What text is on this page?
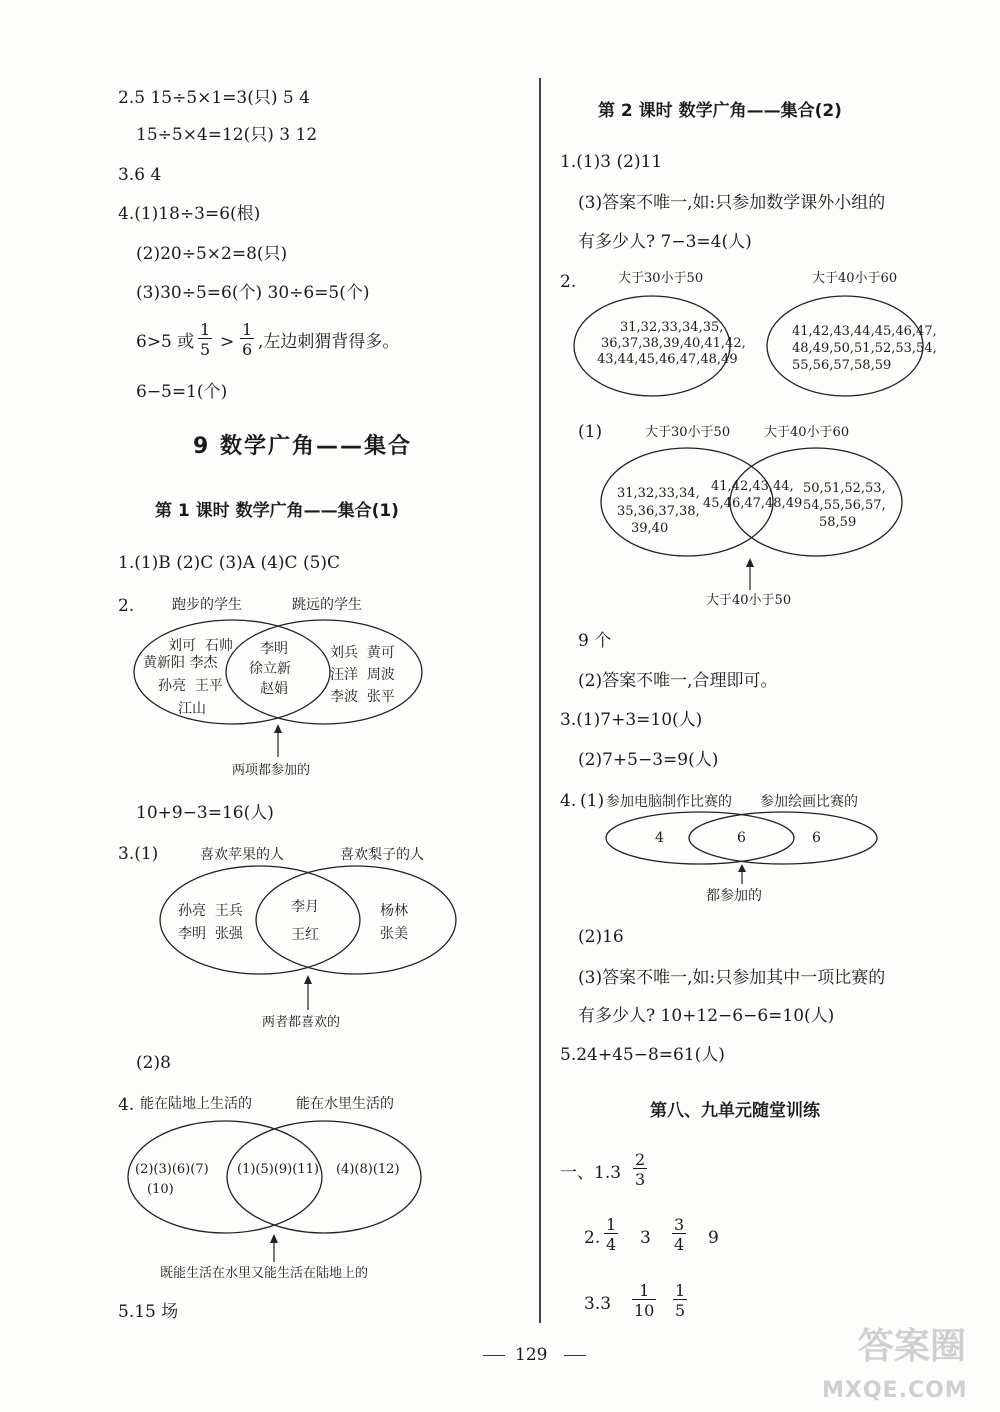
2.5 15÷5×1=3(只) 5 4
15÷5×4=12(只) 3 12
3.6 4
4.(1)18÷3=6(根)
(2)20÷5×2=8(只)
(3)30÷5=6(个) 30÷6=5(个)
6>5 或 $\frac{1}{5} > \frac{1}{6}$ ,左边刺猬背得多。
6−5=1(个)
9 数学广角——集合
第 1 课时 数学广角——集合(1)
1.(1)B (2)C (3)A (4)C (5)C
2.	跑步的学生	跳远的学生
刘可  石帅
黄新阳 李杰
孙亮  王平
江山
李明
徐立新
赵娟
刘兵  黄可
汪洋  周波
李波  张平
两项都参加的
10+9−3=16(人)
3.(1)	喜欢苹果的人	喜欢梨子的人
孙亮  王兵
李明  张强
李月
王红
杨林
张美
两者都喜欢的
(2)8
4. 能在陆地上生活的	能在水里生活的
(2)(3)(6)(7)
(10)
(1)(5)(9)(11) (4)(8)(12)
既能生活在水里又能生活在陆地上的
5.15 场
第 2 课时 数学广角——集合(2)
1.(1)3 (2)11
(3)答案不唯一,如:只参加数学课外小组的
有多少人? 7−3=4(人)
2.	大于30小于50	大于40小于60
31,32,33,34,35,
36,37,38,39,40,41,42,
43,44,45,46,47,48,49
41,42,43,44,45,46,47,
48,49,50,51,52,53,54,
55,56,57,58,59
(1)	大于30小于50	大于40小于60
31,32,33,34,
35,36,37,38,
39,40
41,42,43,44,
45,46,47,48,49
50,51,52,53,
54,55,56,57,
58,59
大于40小于50
9 个
(2)答案不唯一,合理即可。
3.(1)7+3=10(人)
(2)7+5−3=9(人)
4. (1) 参加电脑制作比赛的 参加绘画比赛的
4	6	6
都参加的
(2)16
(3)答案不唯一,如:只参加其中一项比赛的
有多少人? 10+12−6−6=10(人)
5.24+45−8=61(人)
第八、九单元随堂训练
一、$1.3 \frac{2}{3}$
2. $\frac{1}{4} 3 \frac{3}{4} 9$
$3.3 \frac{1}{10} \frac{1}{5}$
129	答案圈
MXQE.COM
